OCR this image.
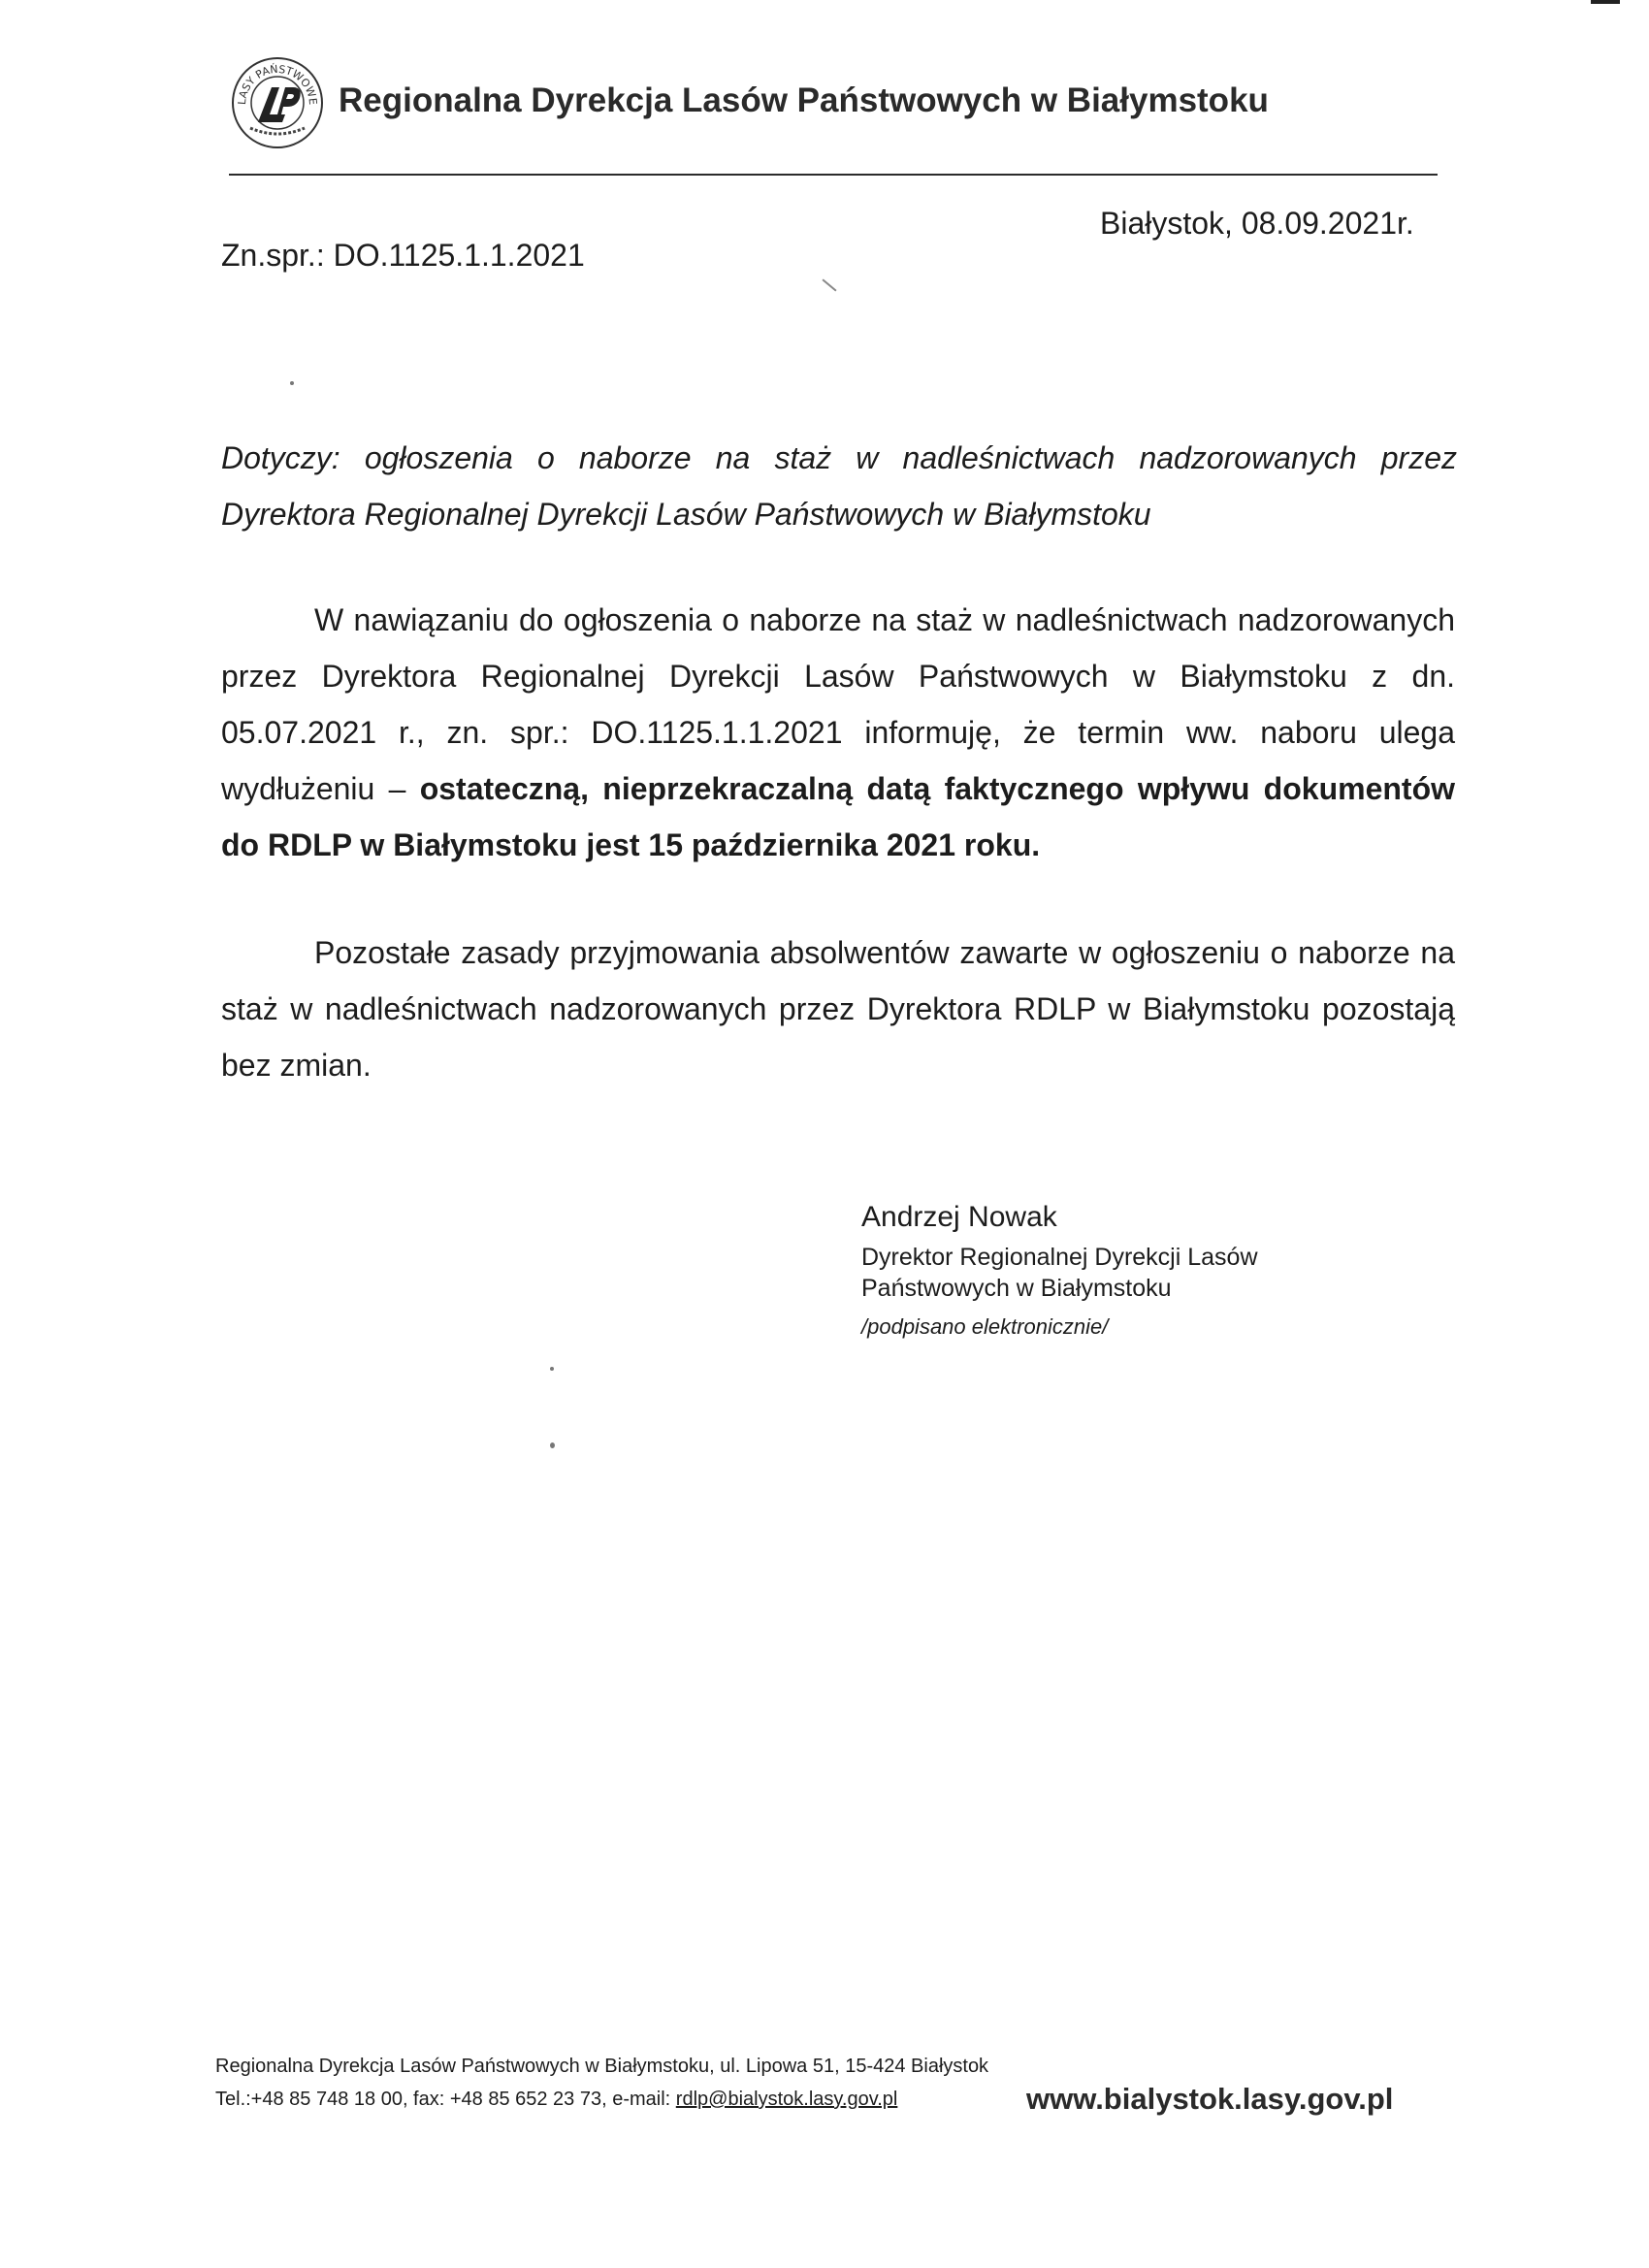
LASY PAŃSTWOWE Regionalna Dyrekcja Lasów Państwowych w Białymstoku
Zn.spr.: DO.1125.1.1.2021
Białystok, 08.09.2021r.
Dotyczy: ogłoszenia o naborze na staż w nadleśnictwach nadzorowanych przez Dyrektora Regionalnej Dyrekcji Lasów Państwowych w Białymstoku
W nawiązaniu do ogłoszenia o naborze na staż w nadleśnictwach nadzorowanych przez Dyrektora Regionalnej Dyrekcji Lasów Państwowych w Białymstoku z dn. 05.07.2021 r., zn. spr.: DO.1125.1.1.2021 informuję, że termin ww. naboru ulega wydłużeniu – ostateczną, nieprzekraczalną datą faktycznego wpływu dokumentów do RDLP w Białymstoku jest 15 października 2021 roku.
Pozostałe zasady przyjmowania absolwentów zawarte w ogłoszeniu o naborze na staż w nadleśnictwach nadzorowanych przez Dyrektora RDLP w Białymstoku pozostają bez zmian.
Andrzej Nowak
Dyrektor Regionalnej Dyrekcji Lasów
Państwowych w Białymstoku
/podpisano elektronicznie/
Regionalna Dyrekcja Lasów Państwowych w Białymstoku, ul. Lipowa 51, 15-424 Białystok
Tel.:+48 85 748 18 00, fax: +48 85 652 23 73, e-mail: rdlp@bialystok.lasy.gov.pl	www.bialystok.lasy.gov.pl
